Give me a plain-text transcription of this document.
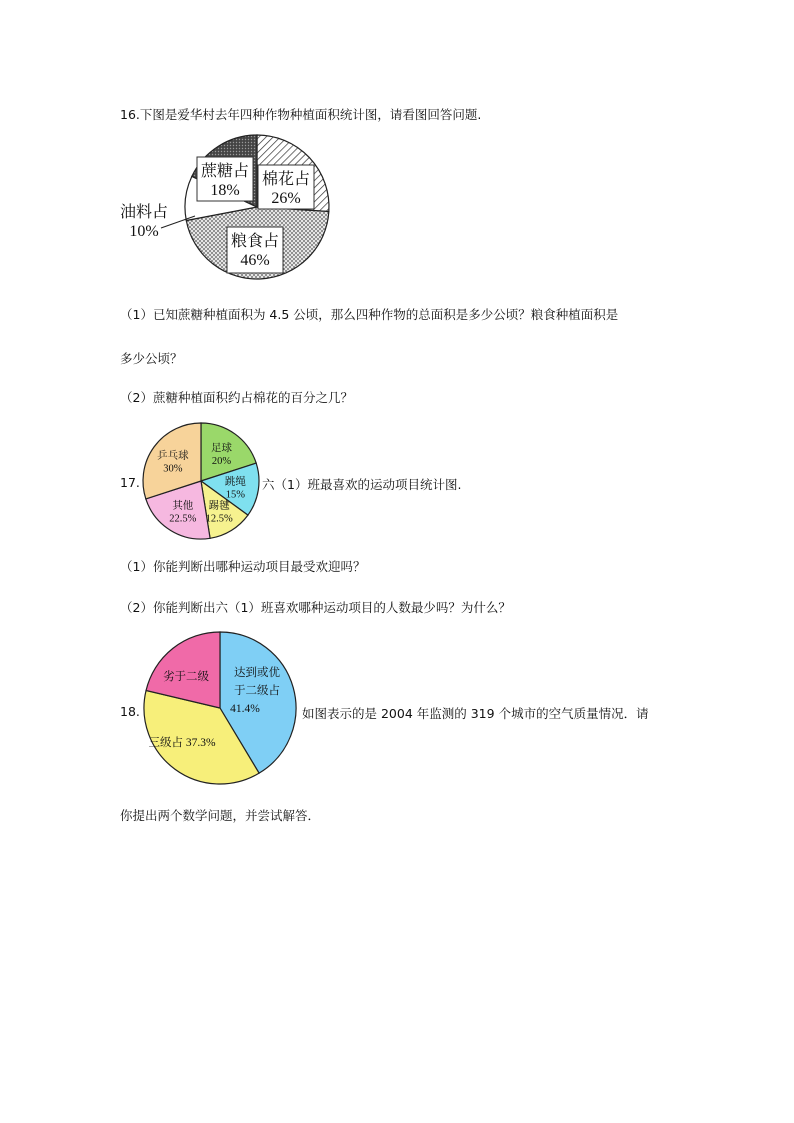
16.下图是爱华村去年四种作物种植面积统计图，请看图回答问题.
棉花占
26%
粮食占
46%
油料占
10%
蔗糖占
18%
（1）已知蔗糖种植面积为 4.5 公顷，那么四种作物的总面积是多少公顷？粮食种植面积是
多少公顷？
（2）蔗糖种植面积约占棉花的百分之几？
17.
足球
20%
跳绳
15%
踢毽
12.5%
其他
22.5%
乒乓球
30%
六（1）班最喜欢的运动项目统计图.
（1）你能判断出哪种运动项目最受欢迎吗？
（2）你能判断出六（1）班喜欢哪种运动项目的人数最少吗？为什么？
18.
达到或优
于二级占
41.4%
三级占 37.3%
劣于二级
如图表示的是 2004 年监测的 319 个城市的空气质量情况．请
你提出两个数学问题，并尝试解答．
